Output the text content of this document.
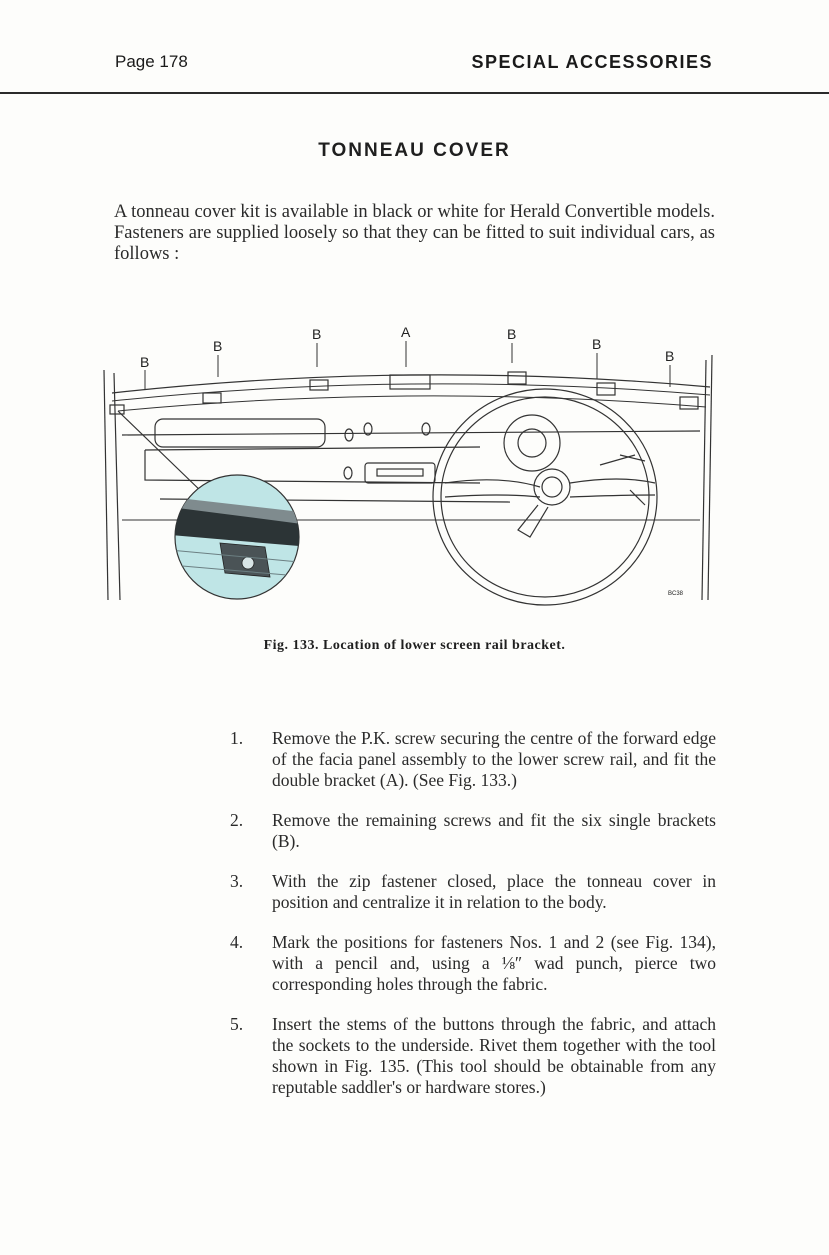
Page 178	SPECIAL ACCESSORIES
TONNEAU COVER
A tonneau cover kit is available in black or white for Herald Convertible models. Fasteners are supplied loosely so that they can be fitted to suit individual cars, as follows :
B
B
B	A	B
B
B
BC38
Fig. 133. Location of lower screen rail bracket.
1.	Remove the P.K. screw securing the centre of the forward edge of the facia panel assembly to the lower screw rail, and fit the double bracket (A). (See Fig. 133.)
2.	Remove the remaining screws and fit the six single brackets (B).
3.	With the zip fastener closed, place the tonneau cover in position and centralize it in relation to the body.
4.	Mark the positions for fasteners Nos. 1 and 2 (see Fig. 134), with a pencil and, using a ⅛″ wad punch, pierce two corresponding holes through the fabric.
5.	Insert the stems of the buttons through the fabric, and attach the sockets to the underside. Rivet them together with the tool shown in Fig. 135. (This tool should be obtainable from any reputable saddler's or hardware stores.)
